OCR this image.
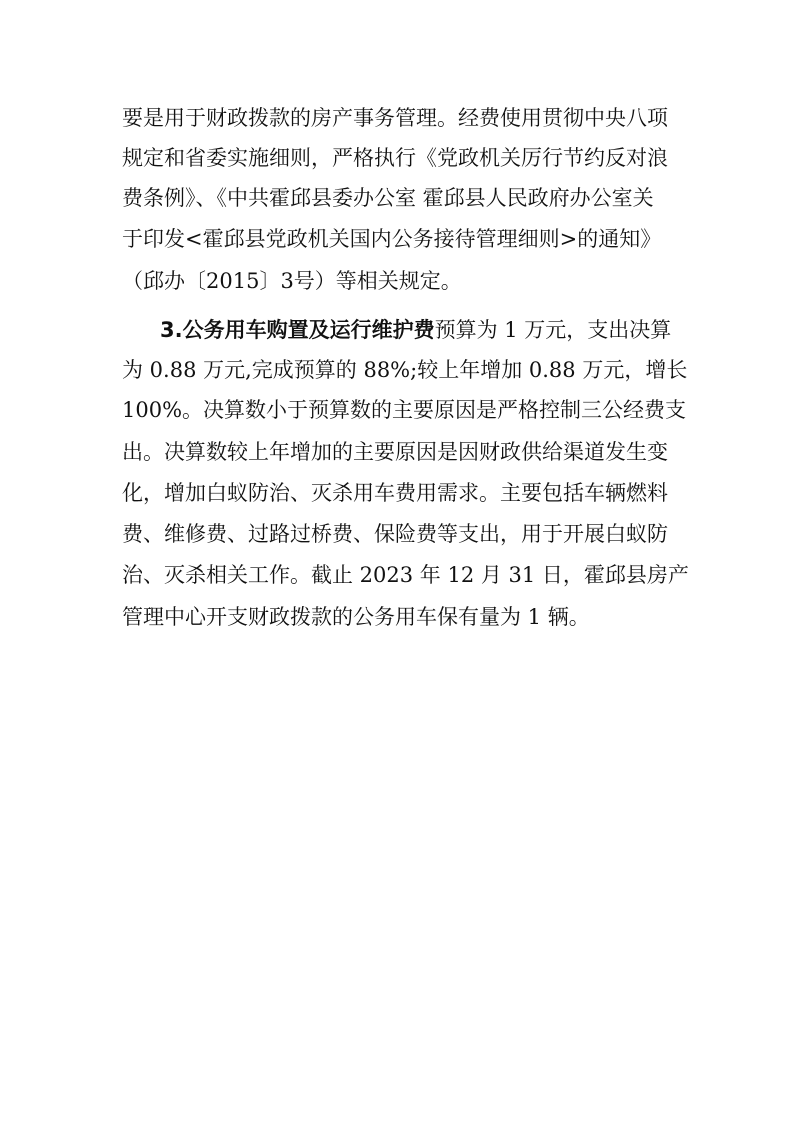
要是用于财政拨款的房产事务管理。经费使用贯彻中央八项
规定和省委实施细则，严格执行《党政机关厉行节约反对浪
费条例》、《中共霍邱县委办公室 霍邱县人民政府办公室关
于印发<霍邱县党政机关国内公务接待管理细则>的通知》
（邱办〔2015〕3号）等相关规定。
3.公务用车购置及运行维护费预算为 1 万元，支出决算
为 0.88 万元,完成预算的 88%;较上年增加 0.88 万元，增长
100%。决算数小于预算数的主要原因是严格控制三公经费支
出。决算数较上年增加的主要原因是因财政供给渠道发生变
化，增加白蚁防治、灭杀用车费用需求。主要包括车辆燃料
费、维修费、过路过桥费、保险费等支出，用于开展白蚁防
治、灭杀相关工作。截止 2023 年 12 月 31 日，霍邱县房产
管理中心开支财政拨款的公务用车保有量为 1 辆。
